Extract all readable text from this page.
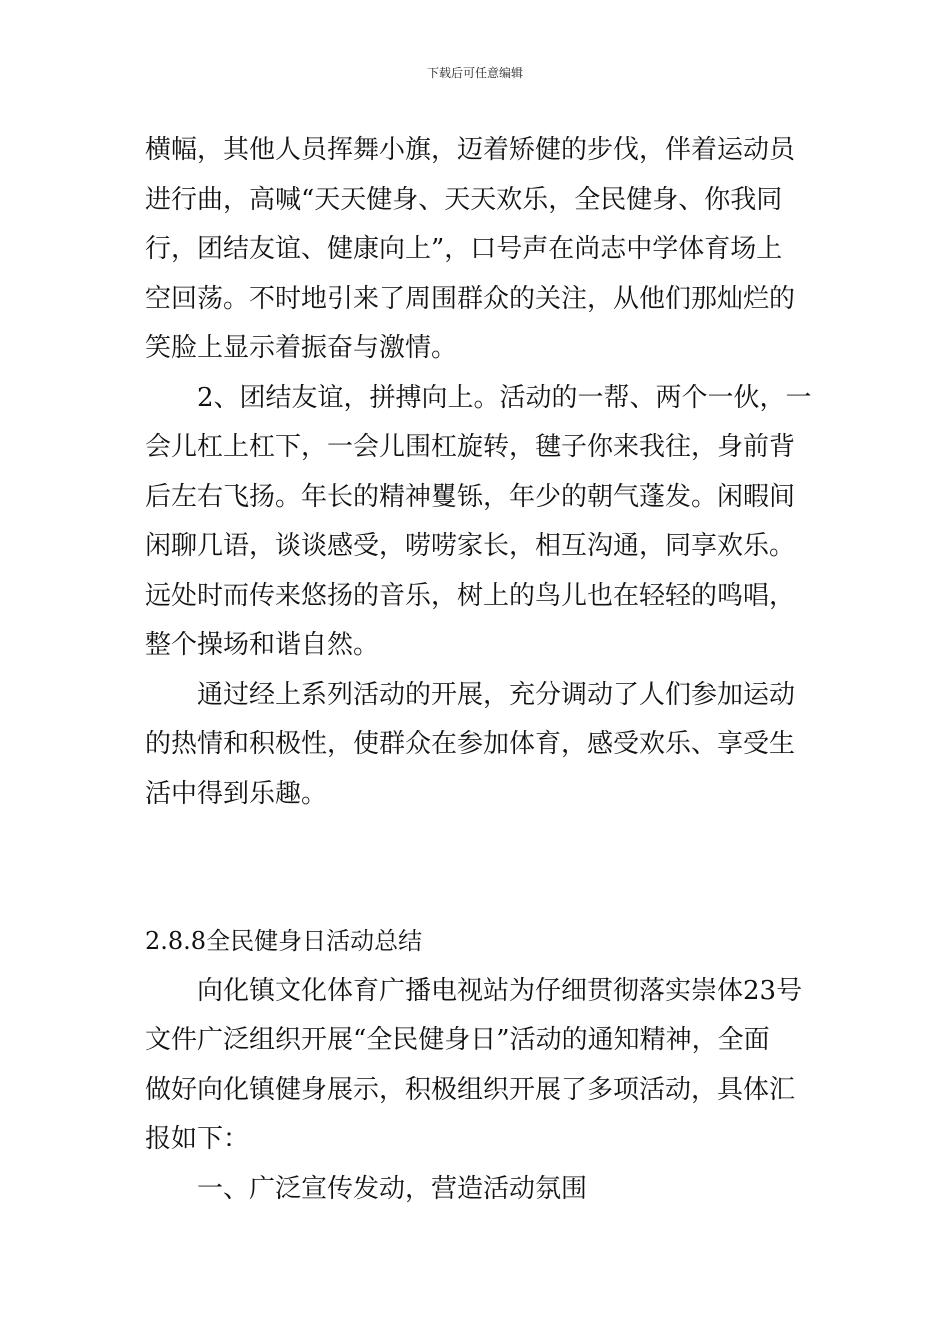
下载后可任意编辑
横幅，其他人员挥舞小旗，迈着矫健的步伐，伴着运动员
进行曲，高喊“天天健身、天天欢乐，全民健身、你我同
行，团结友谊、健康向上”，口号声在尚志中学体育场上
空回荡。不时地引来了周围群众的关注，从他们那灿烂的
笑脸上显示着振奋与激情。
2、团结友谊，拼搏向上。活动的一帮、两个一伙，一
会儿杠上杠下，一会儿围杠旋转，毽子你来我往，身前背
后左右飞扬。年长的精神矍铄，年少的朝气蓬发。闲暇间
闲聊几语，谈谈感受，唠唠家长，相互沟通，同享欢乐。
远处时而传来悠扬的音乐，树上的鸟儿也在轻轻的鸣唱，
整个操场和谐自然。
通过经上系列活动的开展，充分调动了人们参加运动
的热情和积极性，使群众在参加体育，感受欢乐、享受生
活中得到乐趣。
2.8.8全民健身日活动总结
向化镇文化体育广播电视站为仔细贯彻落实崇体23号
文件广泛组织开展“全民健身日”活动的通知精神，全面
做好向化镇健身展示，积极组织开展了多项活动，具体汇
报如下：
一、广泛宣传发动，营造活动氛围
